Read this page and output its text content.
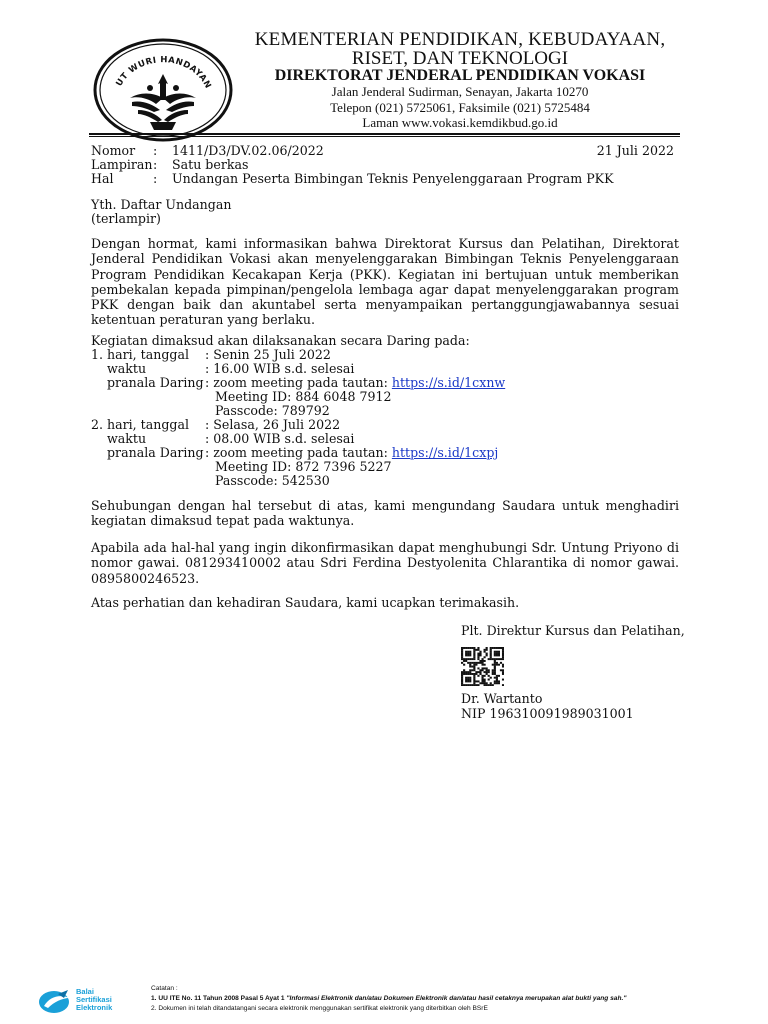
UT WURI HANDAYAN
KEMENTERIAN PENDIDIKAN, KEBUDAYAAN,
RISET, DAN TEKNOLOGI
DIREKTORAT JENDERAL PENDIDIKAN VOKASI
Jalan Jenderal Sudirman, Senayan, Jakarta 10270
Telepon (021) 5725061, Faksimile (021) 5725484
Laman www.vokasi.kemdikbud.go.id
Nomor	: 1411/D3/DV.02.06/2022	21 Juli 2022
Lampiran : Satu berkas
Hal	: Undangan Peserta Bimbingan Teknis Penyelenggaraan Program PKK
Yth. Daftar Undangan
(terlampir)
Dengan hormat, kami informasikan bahwa Direktorat Kursus dan Pelatihan, Direktorat Jenderal Pendidikan Vokasi akan menyelenggarakan Bimbingan Teknis Penyelenggaraan Program Pendidikan Kecakapan Kerja (PKK). Kegiatan ini bertujuan untuk memberikan pembekalan kepada pimpinan/pengelola lembaga agar dapat menyelenggarakan program PKK dengan baik dan akuntabel serta menyampaikan pertanggungjawabannya sesuai ketentuan peraturan yang berlaku.
Kegiatan dimaksud akan dilaksanakan secara Daring pada:
1. hari, tanggal : Senin 25 Juli 2022
waktu	: 16.00 WIB s.d. selesai
pranala Daring : zoom meeting pada tautan: https://s.id/1cxnw
Meeting ID: 884 6048 7912
Passcode: 789792
2. hari, tanggal : Selasa, 26 Juli 2022
waktu	: 08.00 WIB s.d. selesai
pranala Daring : zoom meeting pada tautan: https://s.id/1cxpj
Meeting ID: 872 7396 5227
Passcode: 542530
Sehubungan dengan hal tersebut di atas, kami mengundang Saudara untuk menghadiri kegiatan dimaksud tepat pada waktunya.
Apabila ada hal-hal yang ingin dikonfirmasikan dapat menghubungi Sdr. Untung Priyono di nomor gawai. 081293410002 atau Sdri Ferdina Destyolenita Chlarantika di nomor gawai. 0895800246523.
Atas perhatian dan kehadiran Saudara, kami ucapkan terimakasih.
Plt. Direktur Kursus dan Pelatihan,
Dr. Wartanto
NIP 196310091989031001
Balai
Sertifikasi
Elektronik
Catatan :
1. UU ITE No. 11 Tahun 2008 Pasal 5 Ayat 1 "Informasi Elektronik dan/atau Dokumen Elektronik dan/atau hasil cetaknya merupakan alat bukti yang sah."
2. Dokumen ini telah ditandatangani secara elektronik menggunakan sertifikat elektronik yang diterbitkan oleh BSrE
